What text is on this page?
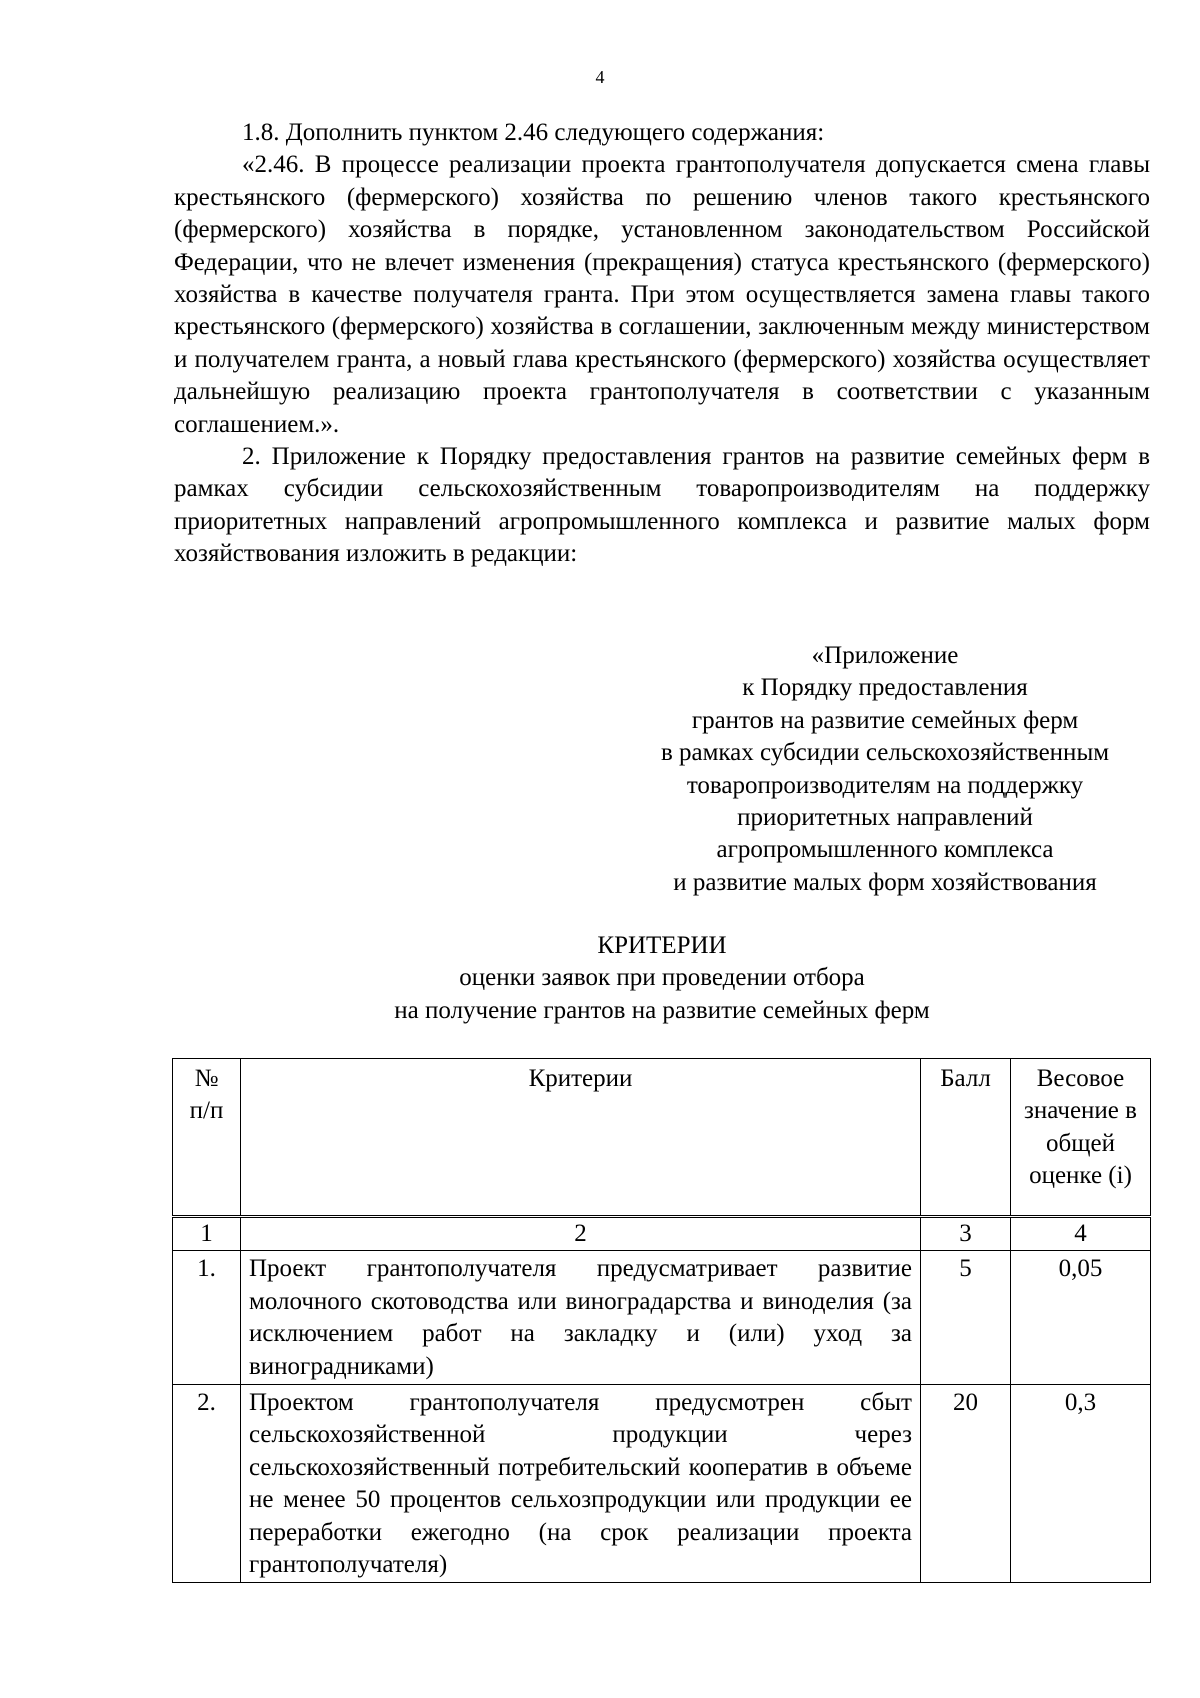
4

1.8. Дополнить пунктом 2.46 следующего содержания:

«2.46. В процессе реализации проекта грантополучателя допускается смена главы крестьянского (фермерского) хозяйства по решению членов такого крестьянского (фермерского) хозяйства в порядке, установленном законодательством Российской Федерации, что не влечет изменения (прекращения) статуса крестьянского (фермерского) хозяйства в качестве получателя гранта. При этом осуществляется замена главы такого крестьянского (фермерского) хозяйства в соглашении, заключенным между министерством и получателем гранта, а новый глава крестьянского (фермерского) хозяйства осуществляет дальнейшую реализацию проекта грантополучателя в соответствии с указанным соглашением.».

2. Приложение к Порядку предоставления грантов на развитие семейных ферм в рамках субсидии сельскохозяйственным товаропроизводителям на поддержку приоритетных направлений агропромышленного комплекса и развитие малых форм хозяйствования изложить в редакции:

«Приложение
к Порядку предоставления
грантов на развитие семейных ферм
в рамках субсидии сельскохозяйственным
товаропроизводителям на поддержку
приоритетных направлений
агропромышленного комплекса
и развитие малых форм хозяйствования
КРИТЕРИИ
оценки заявок при проведении отбора
на получение грантов на развитие семейных ферм
№
п/п	Критерии	Балл	Весовое значение в общей оценке (i)
1	2	3	4
1.	Проект грантополучателя предусматривает развитие молочного скотоводства или виноградарства и виноделия (за исключением работ на закладку и (или) уход за виноградниками)	5	0,05
2.	Проектом грантополучателя предусмотрен сбыт сельскохозяйственной продукции через сельскохозяйственный потребительский кооператив в объеме не менее 50 процентов сельхозпродукции или продукции ее переработки ежегодно (на срок реализации проекта грантополучателя)	20	0,3
